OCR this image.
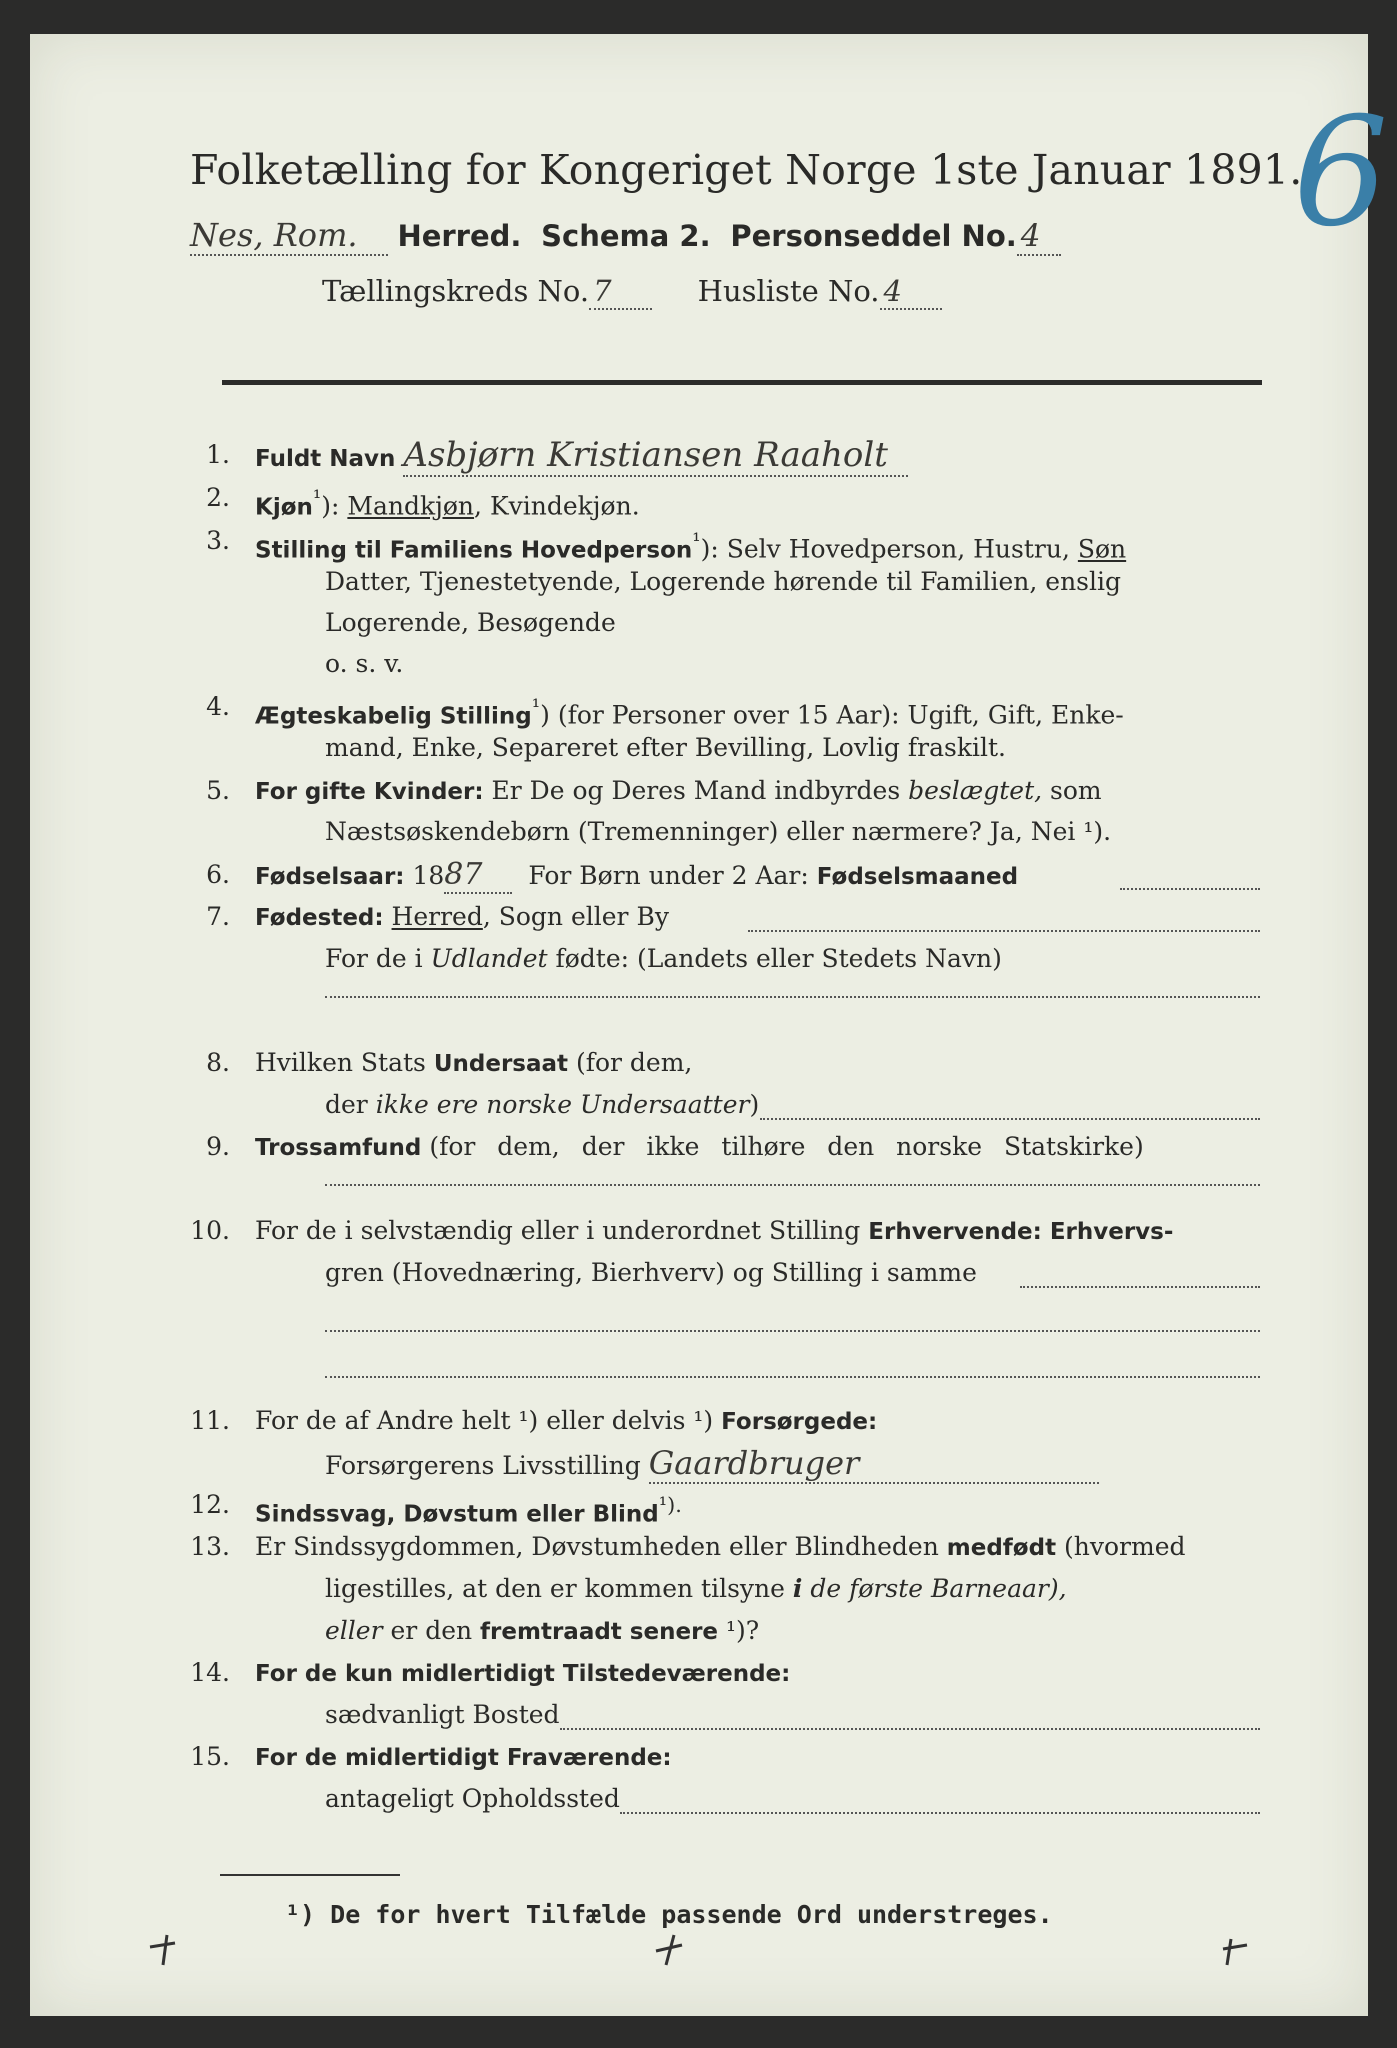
6
Folketælling for Kongeriget Norge 1ste Januar 1891.
Nes, Rom. Herred. Schema 2. Personseddel No. 4
Tællingskreds No. 7	Husliste No. 4
1. Fuldt Navn Asbjørn Kristiansen Raaholt
2. Kjøn$^{^1}$): Mandkjøn, Kvindekjøn.
3. Stilling til Familiens Hovedperson$^{^1}$): Selv Hovedperson, Hustru, Søn
Datter, Tjenestetyende, Logerende hørende til Familien, enslig
Logerende, Besøgende
o. s. v.
4. Ægteskabelig Stilling$^{^1}$) (for Personer over 15 Aar): Ugift, Gift, Enke-
mand, Enke, Separeret efter Bevilling, Lovlig fraskilt.
5. For gifte Kvinder: Er De og Deres Mand indbyrdes beslægtet, som
Næstsøskendebørn (Tremenninger) eller nærmere? Ja, Nei ¹).
6. Fødselsaar: 1887 For Børn under 2 Aar: Fødselsmaaned
7. Fødested: Herred, Sogn eller By
For de i Udlandet fødte: (Landets eller Stedets Navn)
8. Hvilken Stats Undersaat (for dem,
der ikke ere norske Undersaatter)
9. Trossamfund (for dem, der ikke tilhøre den norske Statskirke)
10. For de i selvstændig eller i underordnet Stilling Erhvervende: Erhvervs-
gren (Hovednæring, Bierhverv) og Stilling i samme
11. For de af Andre helt ¹) eller delvis ¹) Forsørgede:
Forsørgerens Livsstilling Gaardbruger
12. Sindssvag, Døvstum eller Blind$^{^1).}$
13. Er Sindssygdommen, Døvstumheden eller Blindheden medfødt (hvormed
ligestilles, at den er kommen tilsyne i de første Barneaar),
eller er den fremtraadt senere ¹)?
14. For de kun midlertidigt Tilstedeværende:
sædvanligt Bosted
15. For de midlertidigt Fraværende:
antageligt Opholdssted
¹) De for hvert Tilfælde passende Ord understreges.
